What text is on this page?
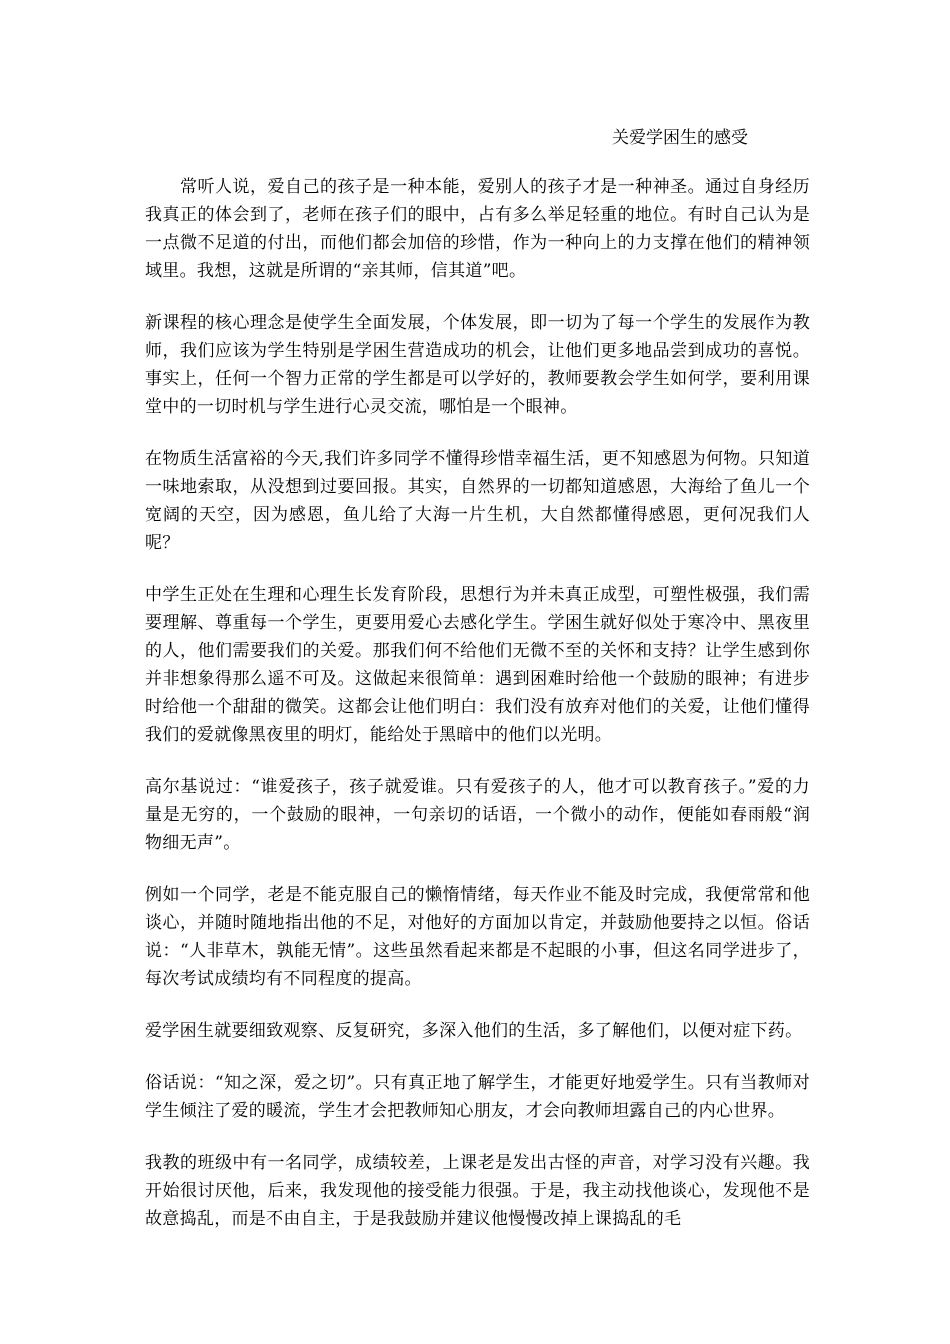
关爱学困生的感受

常听人说，爱自己的孩子是一种本能，爱别人的孩子才是一种神圣。通过自身经历我真正的体会到了，老师在孩子们的眼中，占有多么举足轻重的地位。有时自己认为是一点微不足道的付出，而他们都会加倍的珍惜，作为一种向上的力支撑在他们的精神领域里。我想，这就是所谓的“亲其师，信其道”吧。

新课程的核心理念是使学生全面发展，个体发展，即一切为了每一个学生的发展作为教师，我们应该为学生特别是学困生营造成功的机会，让他们更多地品尝到成功的喜悦。事实上，任何一个智力正常的学生都是可以学好的，教师要教会学生如何学，要利用课堂中的一切时机与学生进行心灵交流，哪怕是一个眼神。

在物质生活富裕的今天,我们许多同学不懂得珍惜幸福生活，更不知感恩为何物。只知道一味地索取，从没想到过要回报。其实，自然界的一切都知道感恩，大海给了鱼儿一个宽阔的天空，因为感恩，鱼儿给了大海一片生机，大自然都懂得感恩，更何况我们人呢？

中学生正处在生理和心理生长发育阶段，思想行为并未真正成型，可塑性极强，我们需要理解、尊重每一个学生，更要用爱心去感化学生。学困生就好似处于寒冷中、黑夜里的人，他们需要我们的关爱。那我们何不给他们无微不至的关怀和支持？让学生感到你并非想象得那么遥不可及。这做起来很简单：遇到困难时给他一个鼓励的眼神；有进步时给他一个甜甜的微笑。这都会让他们明白：我们没有放弃对他们的关爱，让他们懂得我们的爱就像黑夜里的明灯，能给处于黑暗中的他们以光明。

高尔基说过：“谁爱孩子，孩子就爱谁。只有爱孩子的人，他才可以教育孩子。”爱的力量是无穷的，一个鼓励的眼神，一句亲切的话语，一个微小的动作，便能如春雨般“润物细无声”。

例如一个同学，老是不能克服自己的懒惰情绪，每天作业不能及时完成，我便常常和他谈心，并随时随地指出他的不足，对他好的方面加以肯定，并鼓励他要持之以恒。俗话说：“人非草木，孰能无情”。这些虽然看起来都是不起眼的小事，但这名同学进步了，每次考试成绩均有不同程度的提高。

爱学困生就要细致观察、反复研究，多深入他们的生活，多了解他们，以便对症下药。

俗话说：“知之深，爱之切”。只有真正地了解学生，才能更好地爱学生。只有当教师对学生倾注了爱的暖流，学生才会把教师知心朋友，才会向教师坦露自己的内心世界。

我教的班级中有一名同学，成绩较差，上课老是发出古怪的声音，对学习没有兴趣。我开始很讨厌他，后来，我发现他的接受能力很强。于是，我主动找他谈心，发现他不是故意捣乱，而是不由自主，于是我鼓励并建议他慢慢改掉上课捣乱的毛
